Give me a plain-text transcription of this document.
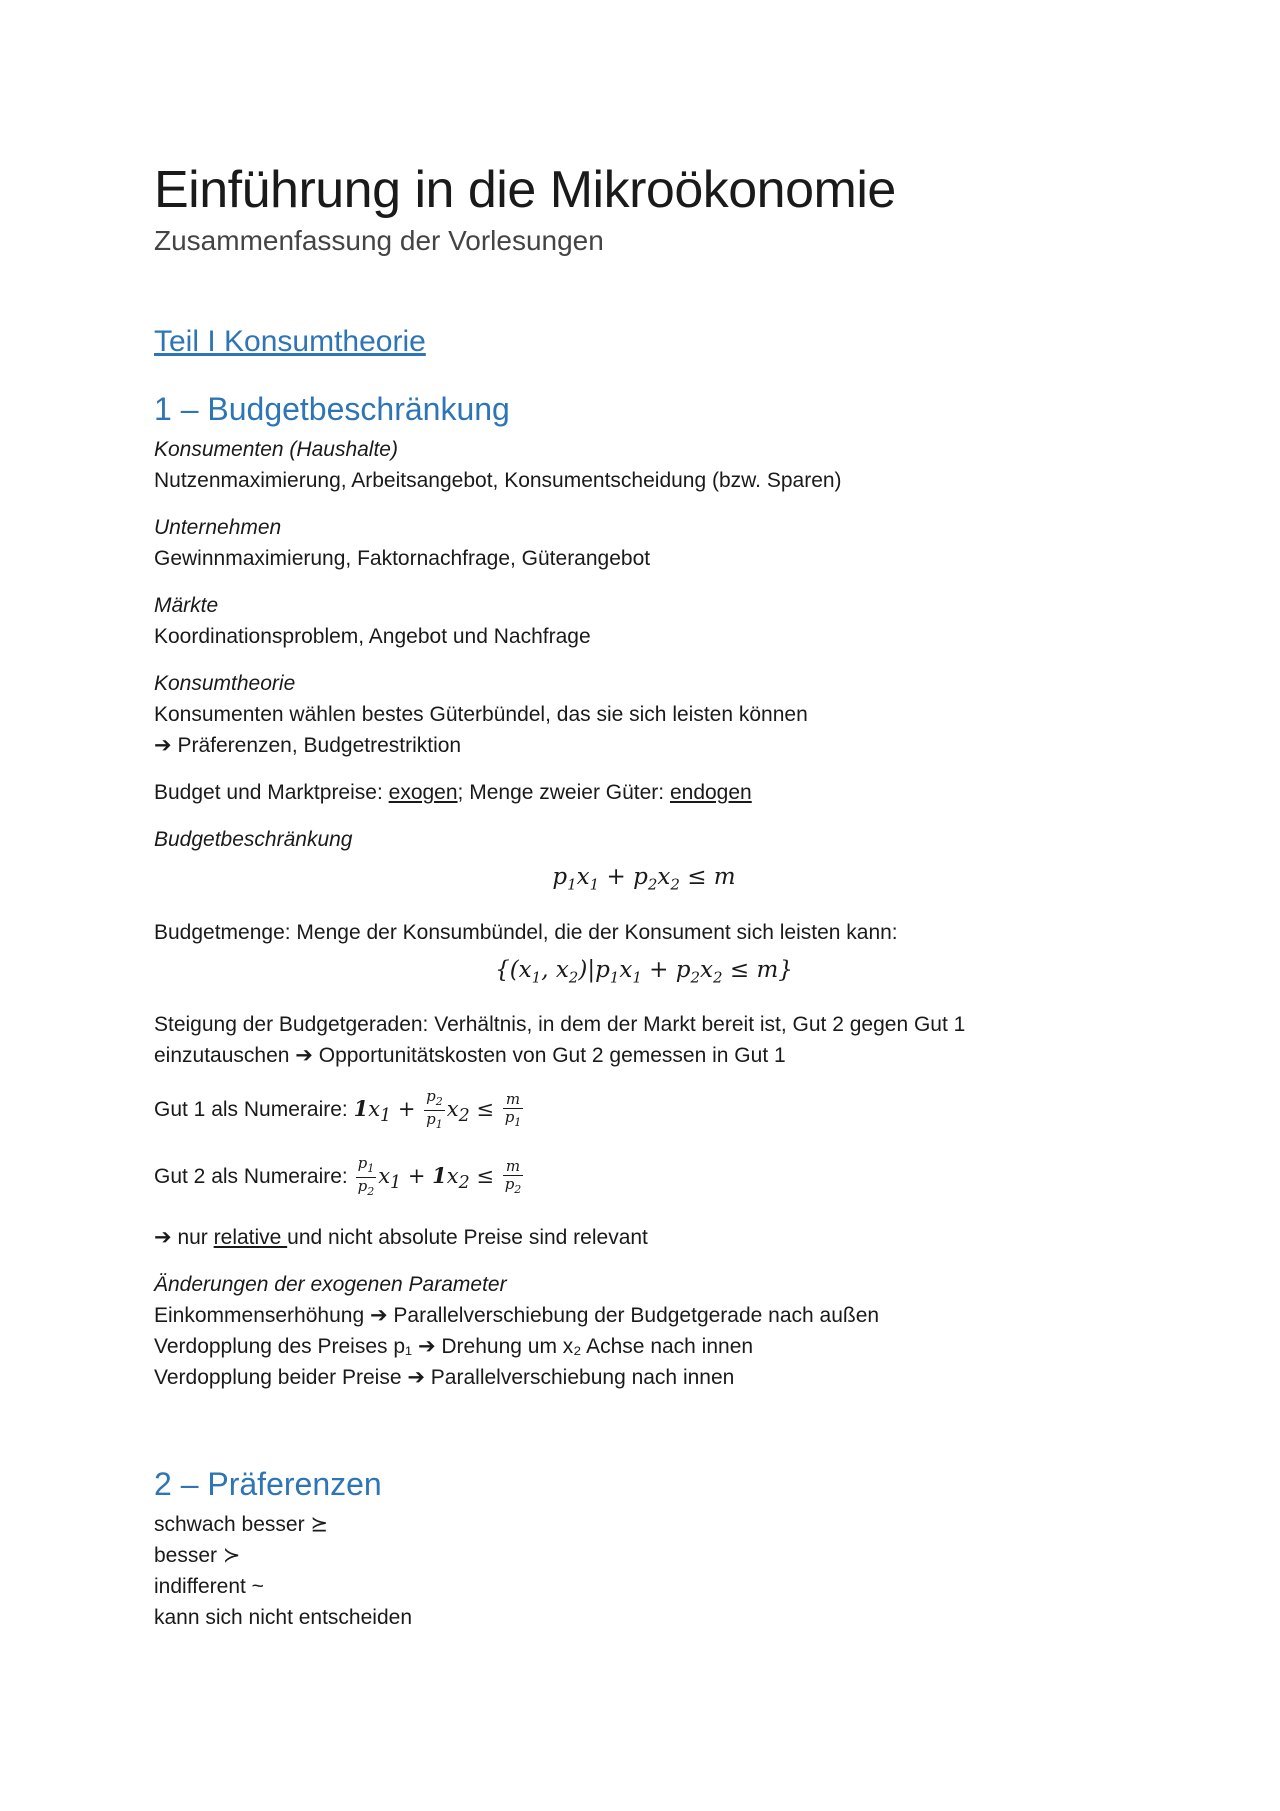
Einführung in die Mikroökonomie
Zusammenfassung der Vorlesungen
Teil I Konsumtheorie
1 – Budgetbeschränkung
Konsumenten (Haushalte)
Nutzenmaximierung, Arbeitsangebot, Konsumentscheidung (bzw. Sparen)
Unternehmen
Gewinnmaximierung, Faktornachfrage, Güterangebot
Märkte
Koordinationsproblem, Angebot und Nachfrage
Konsumtheorie
Konsumenten wählen bestes Güterbündel, das sie sich leisten können
➔ Präferenzen, Budgetrestriktion
Budget und Marktpreise: exogen; Menge zweier Güter: endogen
Budgetbeschränkung
$p_1x_1 + p_2x_2 \le m$
Budgetmenge: Menge der Konsumbündel, die der Konsument sich leisten kann:
{($x_1$, $x_2)|p_1x_1 + p_2x_2 \le m$}
Steigung der Budgetgeraden: Verhältnis, in dem der Markt bereit ist, Gut 2 gegen Gut 1
einzutauschen ➔ Opportunitätskosten von Gut 2 gemessen in Gut 1
Gut 1 als Numeraire: $1x_1 + \frac{p_2}{p_1} x_2 \le \frac{m}{p_1}$
Gut 2 als Numeraire: $\frac{p_1}{p_2} x_1 + 1x_2 \le \frac{m}{p_2}$
➔ nur relative und nicht absolute Preise sind relevant
Änderungen der exogenen Parameter
Einkommenserhöhung ➔ Parallelverschiebung der Budgetgerade nach außen
Verdopplung des Preises p₁ ➔ Drehung um x₂ Achse nach innen
Verdopplung beider Preise ➔ Parallelverschiebung nach innen
2 – Präferenzen
schwach besser ⪰
besser ≻
indifferent ~
kann sich nicht entscheiden
